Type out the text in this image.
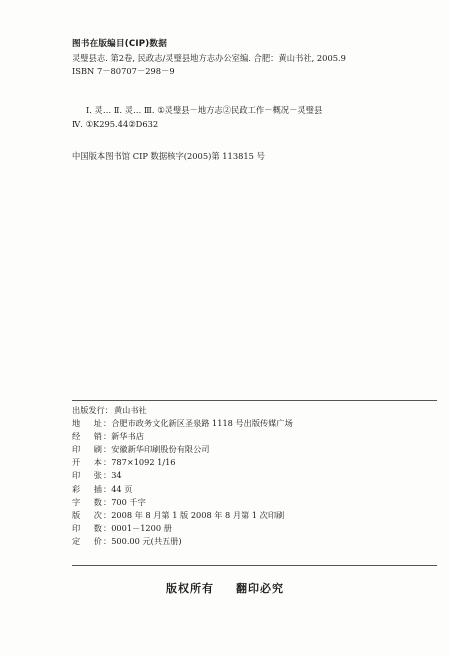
图书在版编目(CIP)数据
灵璧县志. 第2卷, 民政志/灵璧县地方志办公室编. 合肥：黄山书社, 2005.9
ISBN 7－80707－298－9
Ⅰ. 灵… Ⅱ. 灵… Ⅲ. ①灵璧县－地方志②民政工作－概况－灵璧县
Ⅳ. ①K295.44②D632
中国版本图书馆 CIP 数据核字(2005)第 113815 号
出版发行： 黄山书社
地址 ： 合肥市政务文化新区圣泉路 1118 号出版传媒广场
经销 ： 新华书店
印刷 ： 安徽新华印刷股份有限公司
开本 ： 787×1092 1/16
印张 ： 34
彩插 ： 44 页
字数 ： 700 千字
版次 ： 2008 年 8 月第 1 版 2008 年 8 月第 1 次印刷
印数 ： 0001－1200 册
定价 ： 500.00 元(共五册)
版权所有 翻印必究
